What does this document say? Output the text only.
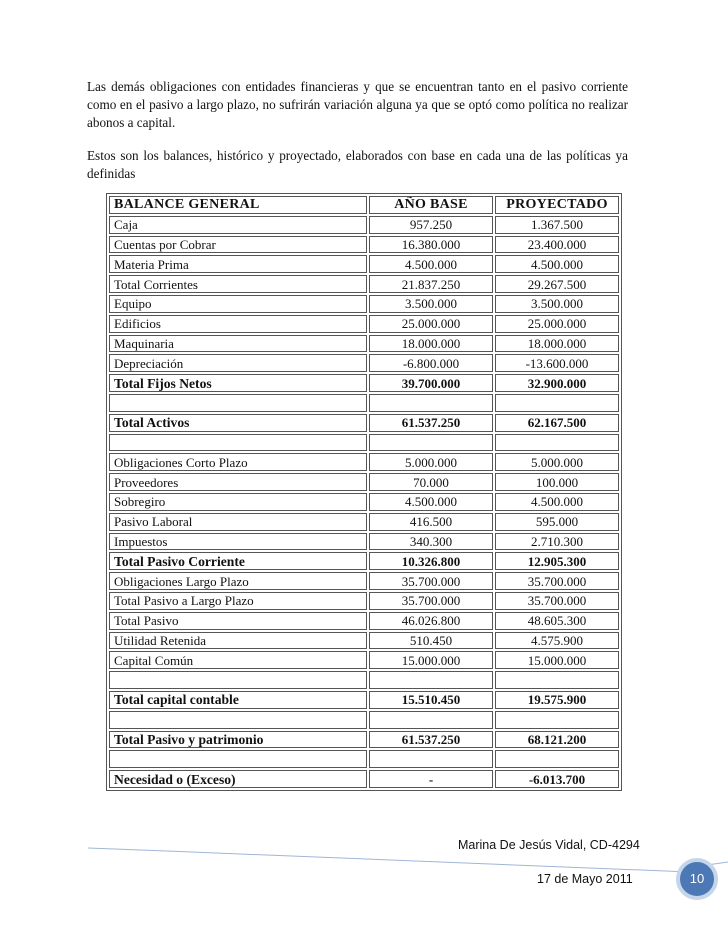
Las demás obligaciones con entidades financieras y que se encuentran tanto en el pasivo corriente como en el pasivo a largo plazo, no sufrirán variación alguna ya que se optó como política no realizar abonos a capital.
Estos son los balances, histórico y proyectado, elaborados con base en cada una de las políticas ya definidas
BALANCE GENERAL	AÑO BASE	PROYECTADO
Caja	957.250	1.367.500
Cuentas por Cobrar	16.380.000	23.400.000
Materia Prima	4.500.000	4.500.000
Total Corrientes	21.837.250	29.267.500
Equipo	3.500.000	3.500.000
Edificios	25.000.000	25.000.000
Maquinaria	18.000.000	18.000.000
Depreciación	-6.800.000	-13.600.000
Total Fijos Netos	39.700.000	32.900.000

Total Activos	61.537.250	62.167.500

Obligaciones Corto Plazo	5.000.000	5.000.000
Proveedores	70.000	100.000
Sobregiro	4.500.000	4.500.000
Pasivo Laboral	416.500	595.000
Impuestos	340.300	2.710.300
Total Pasivo Corriente	10.326.800	12.905.300
Obligaciones Largo Plazo	35.700.000	35.700.000
Total Pasivo a Largo Plazo	35.700.000	35.700.000
Total Pasivo	46.026.800	48.605.300
Utilidad Retenida	510.450	4.575.900
Capital Común	15.000.000	15.000.000

Total capital contable	15.510.450	19.575.900

Total Pasivo y patrimonio	61.537.250	68.121.200

Necesidad o (Exceso)	-	-6.013.700
Marina De Jesús Vidal, CD-4294
17 de Mayo 2011	10
